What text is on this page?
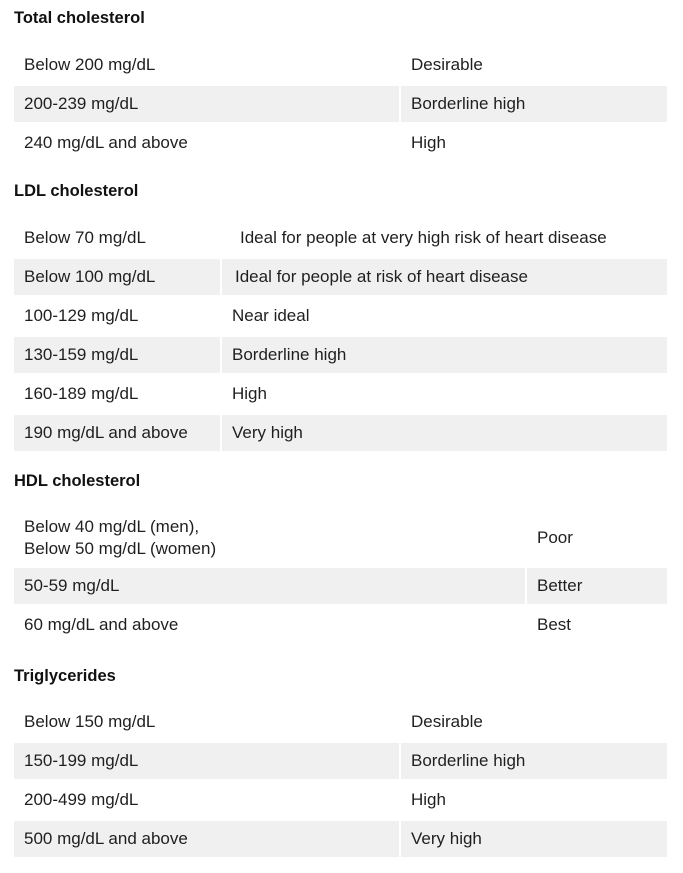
Total cholesterol
Below 200 mg/dL	Desirable
200-239 mg/dL	Borderline high
240 mg/dL and above	High
LDL cholesterol
Below 70 mg/dL	Ideal for people at very high risk of heart disease
Below 100 mg/dL	Ideal for people at risk of heart disease
100-129 mg/dL	Near ideal
130-159 mg/dL	Borderline high
160-189 mg/dL	High
190 mg/dL and above	Very high
HDL cholesterol
Below 40 mg/dL (men),
Below 50 mg/dL (women)	Poor
50-59 mg/dL	Better
60 mg/dL and above	Best
Triglycerides
Below 150 mg/dL	Desirable
150-199 mg/dL	Borderline high
200-499 mg/dL	High
500 mg/dL and above	Very high
